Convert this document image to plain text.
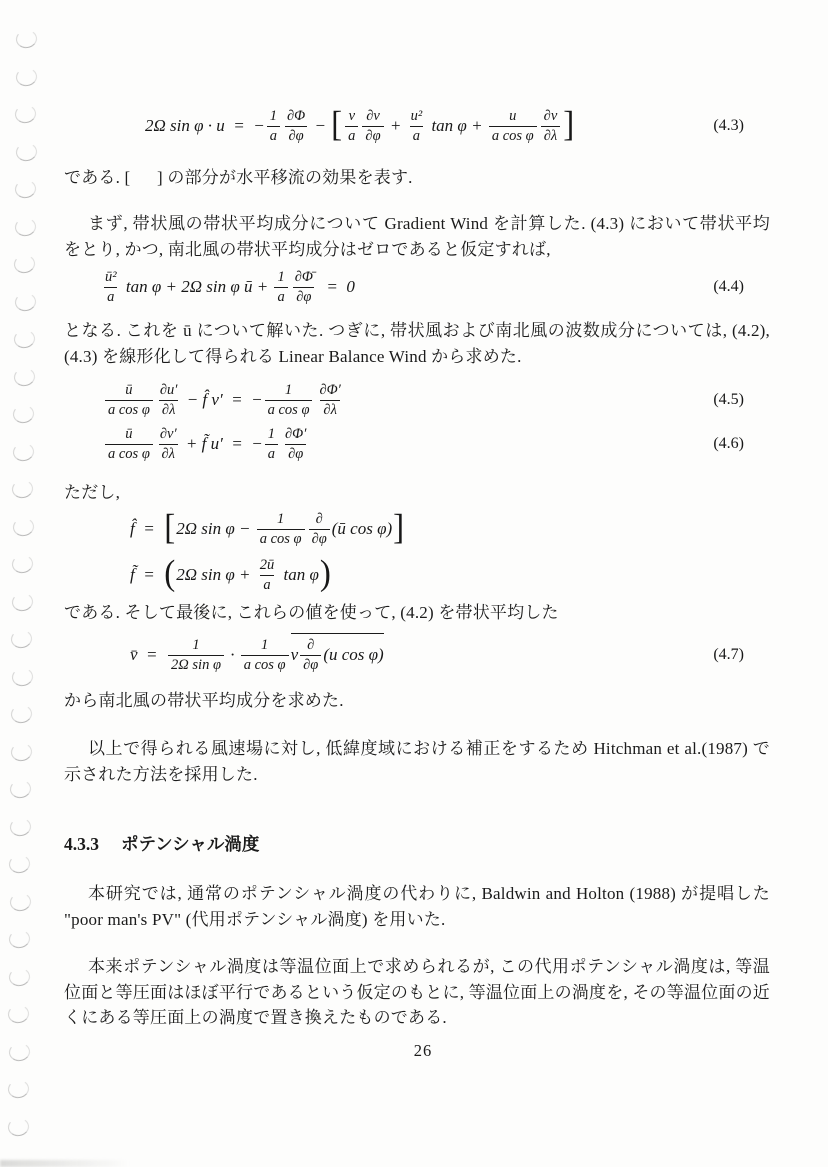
2Ω sin φ · u  =  − $\frac{1}{a} \partial\Phi$
∂φ
− [ v
a
∂v
∂φ
+ $\frac{\text{u²}}{a}$ $\tan \varphi + \frac{u}{\text{a cos φ}} \partial v$
∂λ ]	(4.3)
である. [      ] の部分が水平移流の効果を表す.
まず, 帯状風の帯状平均成分について Gradient Wind を計算した. (4.3) において帯状平均をとり, かつ, 南北風の帯状平均成分はゼロであると仮定すれば,
ū²
a
tan φ + 2Ω sin φ ū + $\frac{1}{a} \frac{\partial\Phī}{\partial\varphi} = 0$	(4.4)
となる. これを ū について解いた. つぎに, 帯状風および南北風の波数成分については, (4.2), (4.3) を線形化して得られる Linear Balance Wind から求めた.
ū
a cos φ
∂u′
∂λ
− f̂ v′  =  − $\frac{1}{\text{a cos φ}} \partial\Phi'$
∂λ
(4.5)
ū
a cos φ
∂v′
∂λ
+ f̃ u′  =  − $\frac{1}{a} \partial\Phi'$
∂φ
(4.6)
ただし,
f̂  = [ 2Ω $\sin \varphi - \frac{1}{\text{a cos φ}}$ ∂
∂φ
(ū cos φ) ]
f̃  = ( 2Ω $\sin \varphi + \frac{2ū}{a}$ tan φ )
である. そして最後に, これらの値を使って, (4.2) を帯状平均した
v̄  = $\frac{1}{\text{2Ω sin φ}} \cdot 1$
a cos φ
v ∂
∂φ
(u cos φ)	(4.7)
から南北風の帯状平均成分を求めた.
以上で得られる風速場に対し, 低緯度域における補正をするため Hitchman et al.(1987) で示された方法を採用した.
4.3.3 ポテンシャル渦度
本研究では, 通常のポテンシャル渦度の代わりに, Baldwin and Holton (1988) が提唱した "poor man's PV" (代用ポテンシャル渦度) を用いた.
本来ポテンシャル渦度は等温位面上で求められるが, この代用ポテンシャル渦度は, 等温位面と等圧面はほぼ平行であるという仮定のもとに, 等温位面上の渦度を, その等温位面の近くにある等圧面上の渦度で置き換えたものである.
26
